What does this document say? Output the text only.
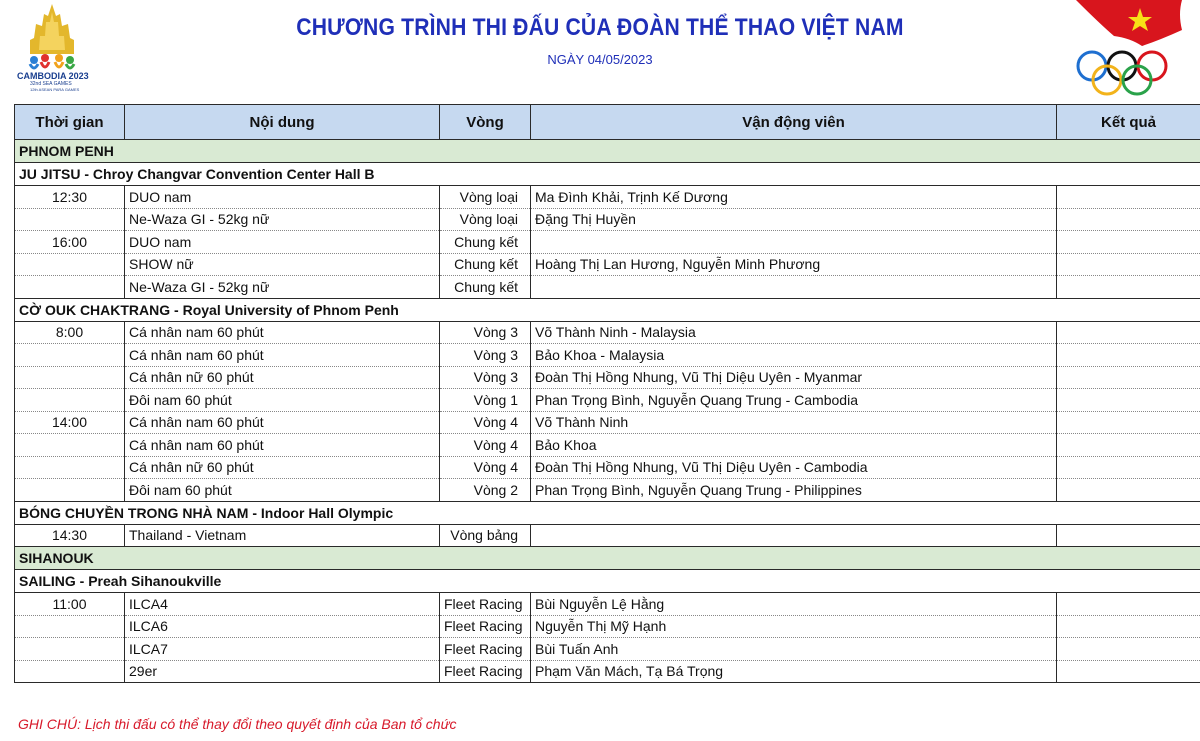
CAMBODIA 2023
32nd SEA GAMES
12th ASEAN PARA GAMES
CHƯƠNG TRÌNH THI ĐẤU CỦA ĐOÀN THỂ THAO VIỆT NAM
NGÀY 04/05/2023
Thời gian	Nội dung	Vòng	Vận động viên	Kết quả
PHNOM PENH				
JU JITSU - Chroy Changvar Convention Center Hall B				
12:30	DUO nam	Vòng loại	Ma Đình Khải, Trịnh Kế Dương	
	Ne-Waza GI - 52kg nữ	Vòng loại	Đặng Thị Huyền	
16:00	DUO nam	Chung kết		
	SHOW nữ	Chung kết	Hoàng Thị Lan Hương, Nguyễn Minh Phương	
	Ne-Waza GI - 52kg nữ	Chung kết		
CỜ OUK CHAKTRANG - Royal University of Phnom Penh				
8:00	Cá nhân nam 60 phút	Vòng 3	Võ Thành Ninh - Malaysia	
	Cá nhân nam 60 phút	Vòng 3	Bảo Khoa - Malaysia	
	Cá nhân nữ 60 phút	Vòng 3	Đoàn Thị Hồng Nhung, Vũ Thị Diệu Uyên - Myanmar	
	Đôi nam 60 phút	Vòng 1	Phan Trọng Bình, Nguyễn Quang Trung - Cambodia	
14:00	Cá nhân nam 60 phút	Vòng 4	Võ Thành Ninh	
	Cá nhân nam 60 phút	Vòng 4	Bảo Khoa	
	Cá nhân nữ 60 phút	Vòng 4	Đoàn Thị Hồng Nhung, Vũ Thị Diệu Uyên - Cambodia	
	Đôi nam 60 phút	Vòng 2	Phan Trọng Bình, Nguyễn Quang Trung - Philippines	
BÓNG CHUYỀN TRONG NHÀ NAM - Indoor Hall Olympic				
14:30	Thailand - Vietnam	Vòng bảng		
SIHANOUK				
SAILING - Preah Sihanoukville				
11:00	ILCA4	Fleet Racing	Bùi Nguyễn Lệ Hằng	
	ILCA6	Fleet Racing	Nguyễn Thị Mỹ Hạnh	
	ILCA7	Fleet Racing	Bùi Tuấn Anh	
	29er	Fleet Racing	Phạm Văn Mách, Tạ Bá Trọng	
GHI CHÚ: Lịch thi đấu có thể thay đổi theo quyết định của Ban tổ chức
